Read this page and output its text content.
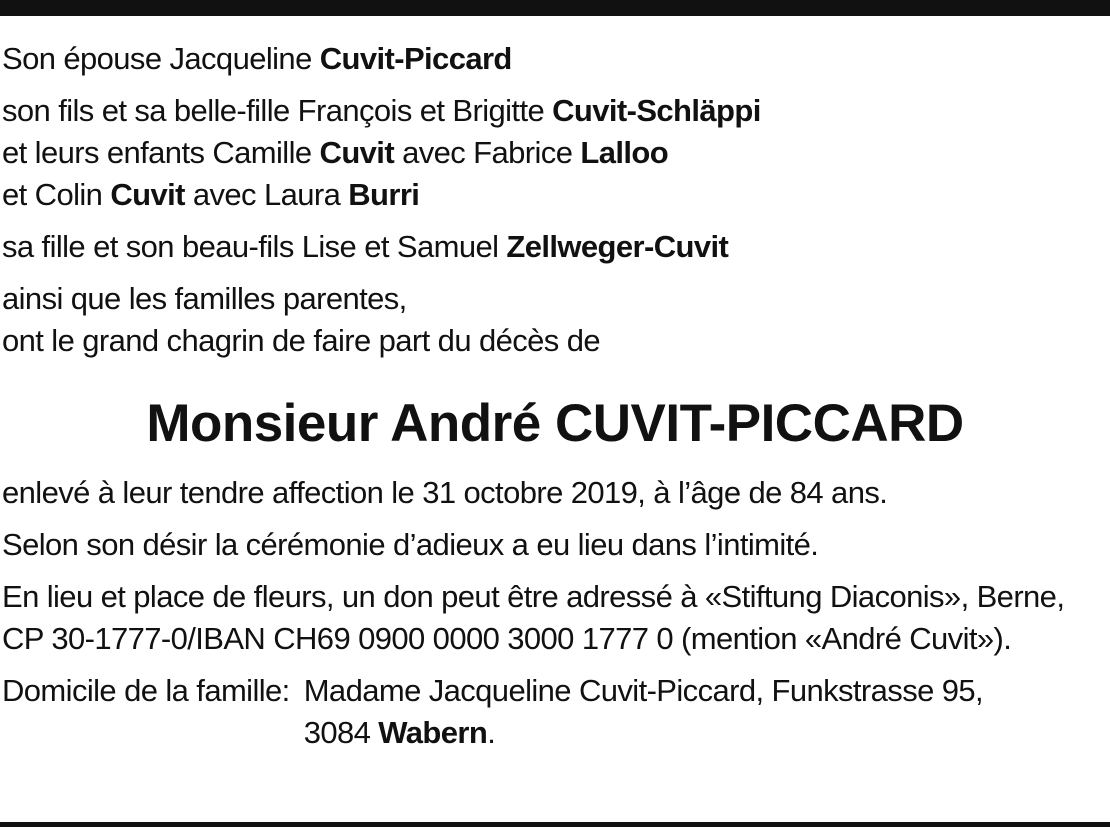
Son épouse Jacqueline Cuvit-Piccard

son fils et sa belle-fille François et Brigitte Cuvit-Schläppi
et leurs enfants Camille Cuvit avec Fabrice Lalloo
et Colin Cuvit avec Laura Burri

sa fille et son beau-fils Lise et Samuel Zellweger-Cuvit

ainsi que les familles parentes,
ont le grand chagrin de faire part du décès de

Monsieur André CUVIT-PICCARD

enlevé à leur tendre affection le 31 octobre 2019, à l’âge de 84 ans.

Selon son désir la cérémonie d’adieux a eu lieu dans l’intimité.

En lieu et place de fleurs, un don peut être adressé à «Stiftung Diaconis», Berne, CP 30-1777-0/IBAN CH69 0900 0000 3000 1777 0 (mention «André Cuvit»).

Domicile de la famille: Madame Jacqueline Cuvit-Piccard, Funkstrasse 95,
3084 Wabern.
